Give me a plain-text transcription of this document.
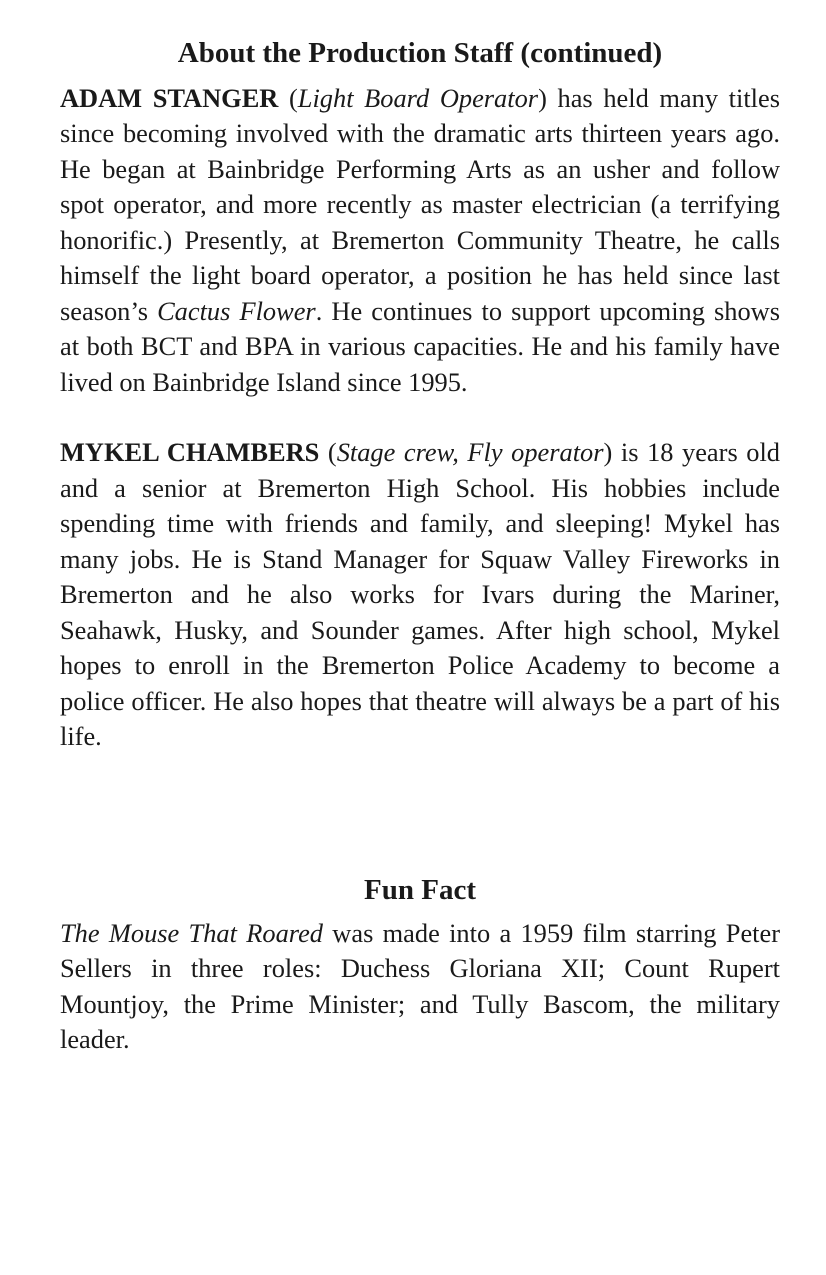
About the Production Staff (continued)

ADAM STANGER (Light Board Operator) has held many titles since becoming involved with the dramatic arts thirteen years ago. He began at Bainbridge Performing Arts as an usher and follow spot operator, and more recently as master electrician (a terrifying honorific.) Presently, at Bremerton Community Theatre, he calls himself the light board operator, a position he has held since last season’s Cactus Flower. He continues to support upcoming shows at both BCT and BPA in various capacities. He and his family have lived on Bainbridge Island since 1995.

MYKEL CHAMBERS (Stage crew, Fly operator) is 18 years old and a senior at Bremerton High School. His hobbies include spending time with friends and family, and sleeping! Mykel has many jobs. He is Stand Manager for Squaw Valley Fireworks in Bremerton and he also works for Ivars during the Mariner, Seahawk, Husky, and Sounder games. After high school, Mykel hopes to enroll in the Bremerton Police Academy to become a police officer. He also hopes that theatre will always be a part of his life.

Fun Fact

The Mouse That Roared was made into a 1959 film starring Peter Sellers in three roles: Duchess Gloriana XII; Count Rupert Mountjoy, the Prime Minister; and Tully Bascom, the military leader.
